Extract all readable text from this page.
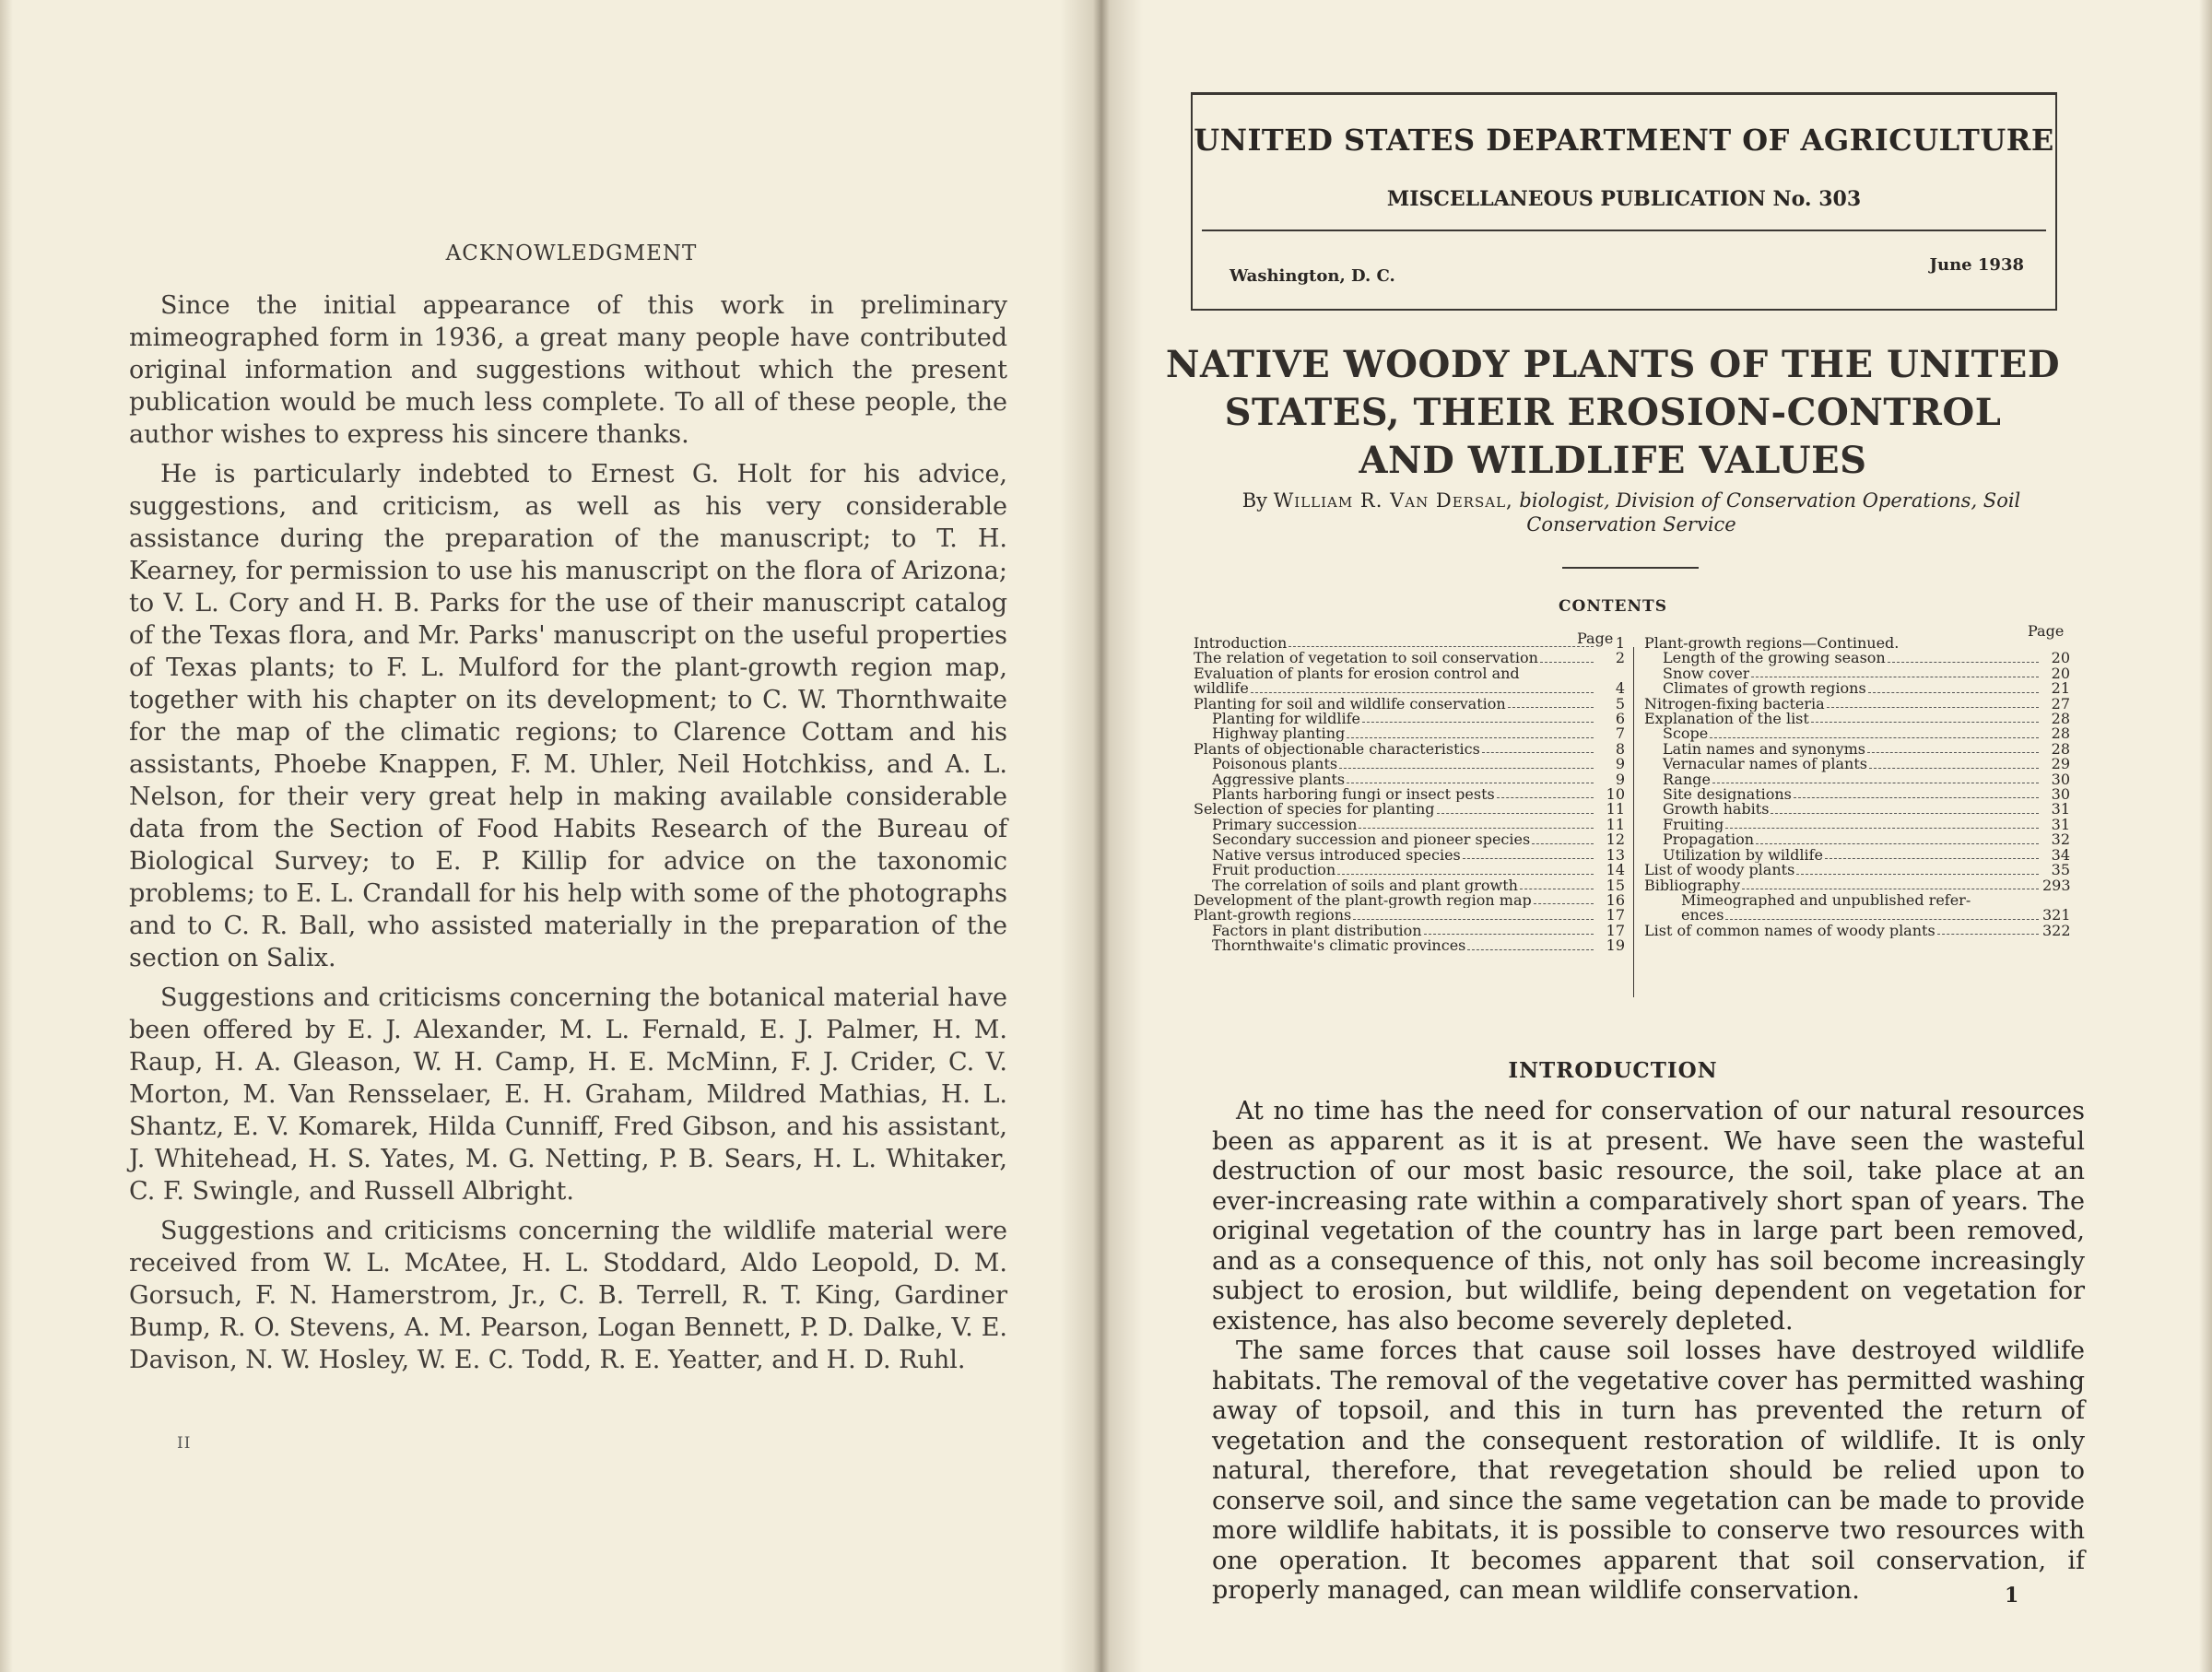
ACKNOWLEDGMENT

Since the initial appearance of this work in preliminary mimeographed form in 1936, a great many people have contributed original information and suggestions without which the present publication would be much less complete. To all of these people, the author wishes to express his sincere thanks.

He is particularly indebted to Ernest G. Holt for his advice, suggestions, and criticism, as well as his very considerable assistance during the preparation of the manuscript; to T. H. Kearney, for permission to use his manuscript on the flora of Arizona; to V. L. Cory and H. B. Parks for the use of their manuscript catalog of the Texas flora, and Mr. Parks' manuscript on the useful properties of Texas plants; to F. L. Mulford for the plant-growth region map, together with his chapter on its development; to C. W. Thornthwaite for the map of the climatic regions; to Clarence Cottam and his assistants, Phoebe Knappen, F. M. Uhler, Neil Hotchkiss, and A. L. Nelson, for their very great help in making available considerable data from the Section of Food Habits Research of the Bureau of Biological Survey; to E. P. Killip for advice on the taxonomic problems; to E. L. Crandall for his help with some of the photographs and to C. R. Ball, who assisted materially in the preparation of the section on Salix.

Suggestions and criticisms concerning the botanical material have been offered by E. J. Alexander, M. L. Fernald, E. J. Palmer, H. M. Raup, H. A. Gleason, W. H. Camp, H. E. McMinn, F. J. Crider, C. V. Morton, M. Van Rensselaer, E. H. Graham, Mildred Mathias, H. L. Shantz, E. V. Komarek, Hilda Cunniff, Fred Gibson, and his assistant, J. Whitehead, H. S. Yates, M. G. Netting, P. B. Sears, H. L. Whitaker, C. F. Swingle, and Russell Albright.

Suggestions and criticisms concerning the wildlife material were received from W. L. McAtee, H. L. Stoddard, Aldo Leopold, D. M. Gorsuch, F. N. Hamerstrom, Jr., C. B. Terrell, R. T. King, Gardiner Bump, R. O. Stevens, A. M. Pearson, Logan Bennett, P. D. Dalke, V. E. Davison, N. W. Hosley, W. E. C. Todd, R. E. Yeatter, and H. D. Ruhl.

II
UNITED STATES DEPARTMENT OF AGRICULTURE
MISCELLANEOUS PUBLICATION No. 303
Washington, D. C.
June 1938
NATIVE WOODY PLANTS OF THE UNITED
STATES, THEIR EROSION-CONTROL
AND WILDLIFE VALUES
By William R. Van Dersal, biologist, Division of Conservation Operations, Soil Conservation Service
CONTENTS
Page	Page
Introduction	1
The relation of vegetation to soil conservation	2
Evaluation of plants for erosion control and
wildlife	4
Planting for soil and wildlife conservation	5
Planting for wildlife	6
Highway planting	7
Plants of objectionable characteristics	8
Poisonous plants	9
Aggressive plants	9
Plants harboring fungi or insect pests	10
Selection of species for planting	11
Primary succession	11
Secondary succession and pioneer species	12
Native versus introduced species	13
Fruit production	14
The correlation of soils and plant growth	15
Development of the plant-growth region map	16
Plant-growth regions	17
Factors in plant distribution	17
Thornthwaite's climatic provinces	19
Plant-growth regions—Continued.
Length of the growing season	20
Snow cover	20
Climates of growth regions	21
Nitrogen-fixing bacteria	27
Explanation of the list	28
Scope	28
Latin names and synonyms	28
Vernacular names of plants	29
Range	30
Site designations	30
Growth habits	31
Fruiting	31
Propagation	32
Utilization by wildlife	34
List of woody plants	35
Bibliography	293
Mimeographed and unpublished refer-
ences	321
List of common names of woody plants	322
INTRODUCTION

At no time has the need for conservation of our natural resources been as apparent as it is at present. We have seen the wasteful destruction of our most basic resource, the soil, take place at an ever-increasing rate within a comparatively short span of years. The original vegetation of the country has in large part been removed, and as a consequence of this, not only has soil become increasingly subject to erosion, but wildlife, being dependent on vegetation for existence, has also become severely depleted.

The same forces that cause soil losses have destroyed wildlife habitats. The removal of the vegetative cover has permitted washing away of topsoil, and this in turn has prevented the return of vegetation and the consequent restoration of wildlife. It is only natural, therefore, that revegetation should be relied upon to conserve soil, and since the same vegetation can be made to provide more wildlife habitats, it is possible to conserve two resources with one operation. It becomes apparent that soil conservation, if properly managed, can mean wildlife conservation.	1
